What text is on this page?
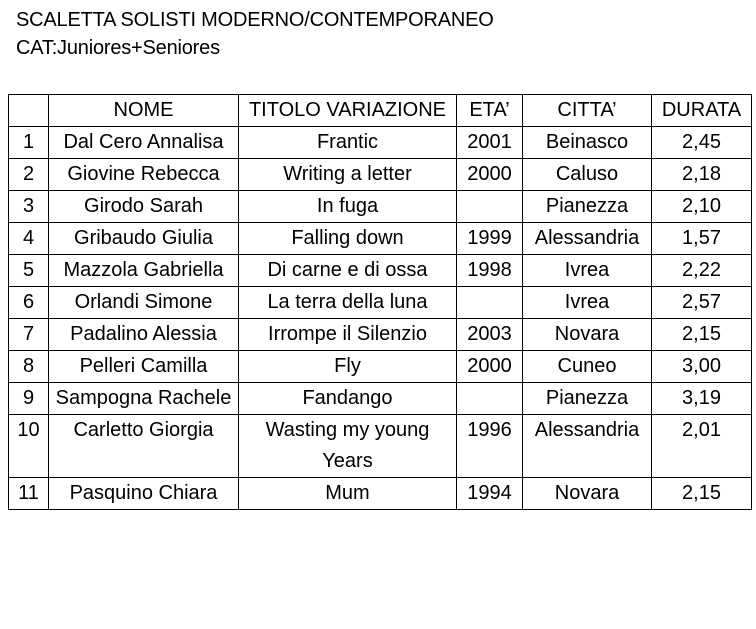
SCALETTA SOLISTI MODERNO/CONTEMPORANEO
CAT:Juniores+Seniores
	NOME	TITOLO VARIAZIONE	ETA’	CITTA’	DURATA
1	Dal Cero Annalisa	Frantic	2001	Beinasco	2,45
2	Giovine Rebecca	Writing a letter	2000	Caluso	2,18
3	Girodo Sarah	In fuga		Pianezza	2,10
4	Gribaudo Giulia	Falling down	1999	Alessandria	1,57
5	Mazzola Gabriella	Di carne e di ossa	1998	Ivrea	2,22
6	Orlandi Simone	La terra della luna		Ivrea	2,57
7	Padalino Alessia	Irrompe il Silenzio	2003	Novara	2,15
8	Pelleri Camilla	Fly	2000	Cuneo	3,00
9	Sampogna Rachele	Fandango		Pianezza	3,19
10	Carletto Giorgia	Wasting my young Years	1996	Alessandria	2,01
11	Pasquino Chiara	Mum	1994	Novara	2,15
